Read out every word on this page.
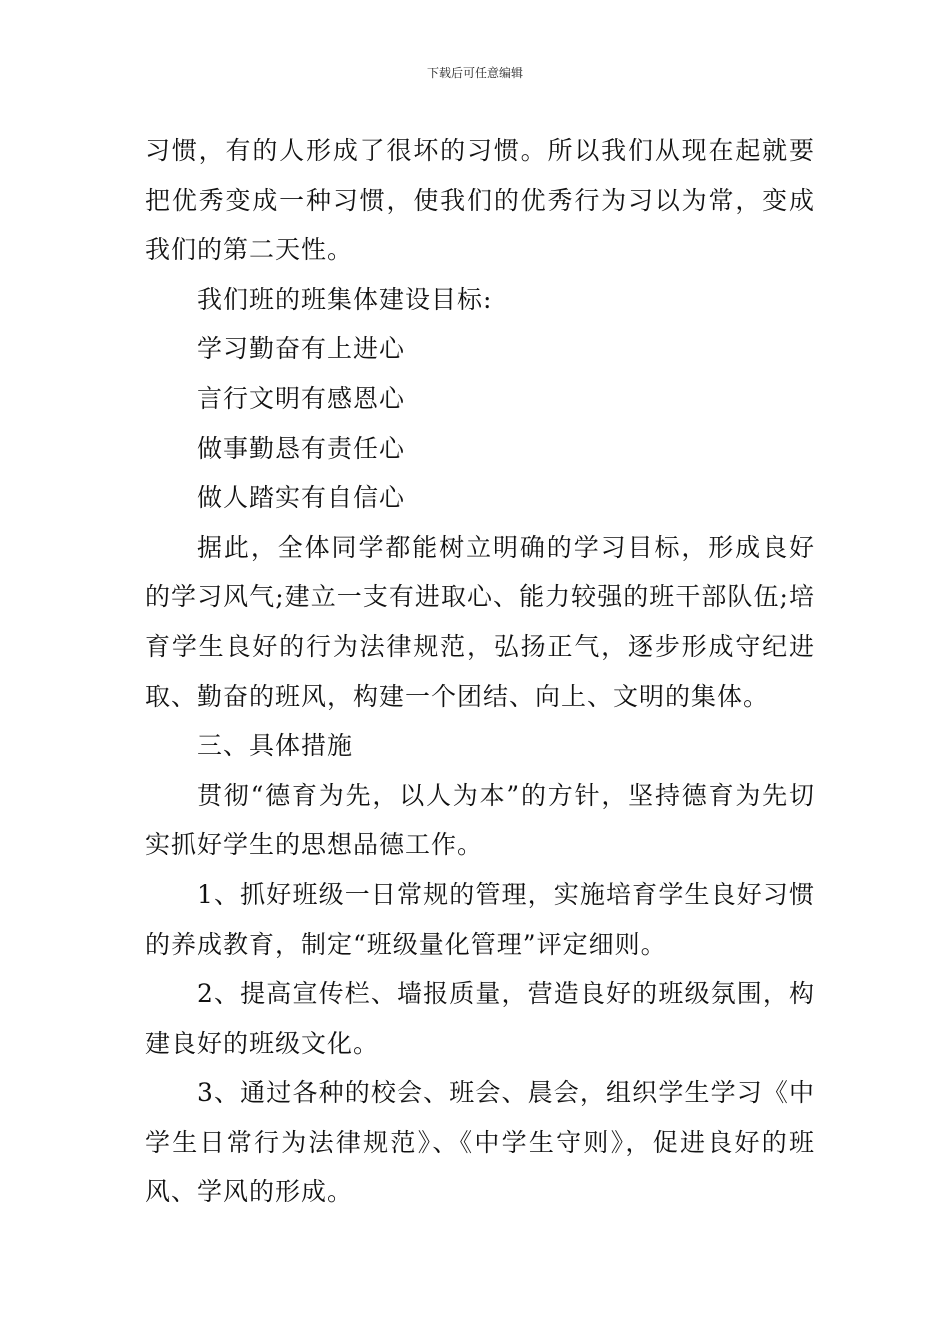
下载后可任意编辑

习惯，有的人形成了很坏的习惯。所以我们从现在起就要把优秀变成一种习惯，使我们的优秀行为习以为常，变成我们的第二天性。

我们班的班集体建设目标:

学习勤奋有上进心

言行文明有感恩心

做事勤恳有责任心

做人踏实有自信心

据此，全体同学都能树立明确的学习目标，形成良好的学习风气;建立一支有进取心、能力较强的班干部队伍;培育学生良好的行为法律规范，弘扬正气，逐步形成守纪进取、勤奋的班风，构建一个团结、向上、文明的集体。

三、具体措施

贯彻“德育为先，以人为本”的方针，坚持德育为先切实抓好学生的思想品德工作。

1、抓好班级一日常规的管理，实施培育学生良好习惯的养成教育，制定“班级量化管理”评定细则。

2、提高宣传栏、墙报质量，营造良好的班级氛围，构建良好的班级文化。

3、通过各种的校会、班会、晨会，组织学生学习《中学生日常行为法律规范》、《中学生守则》，促进良好的班风、学风的形成。
